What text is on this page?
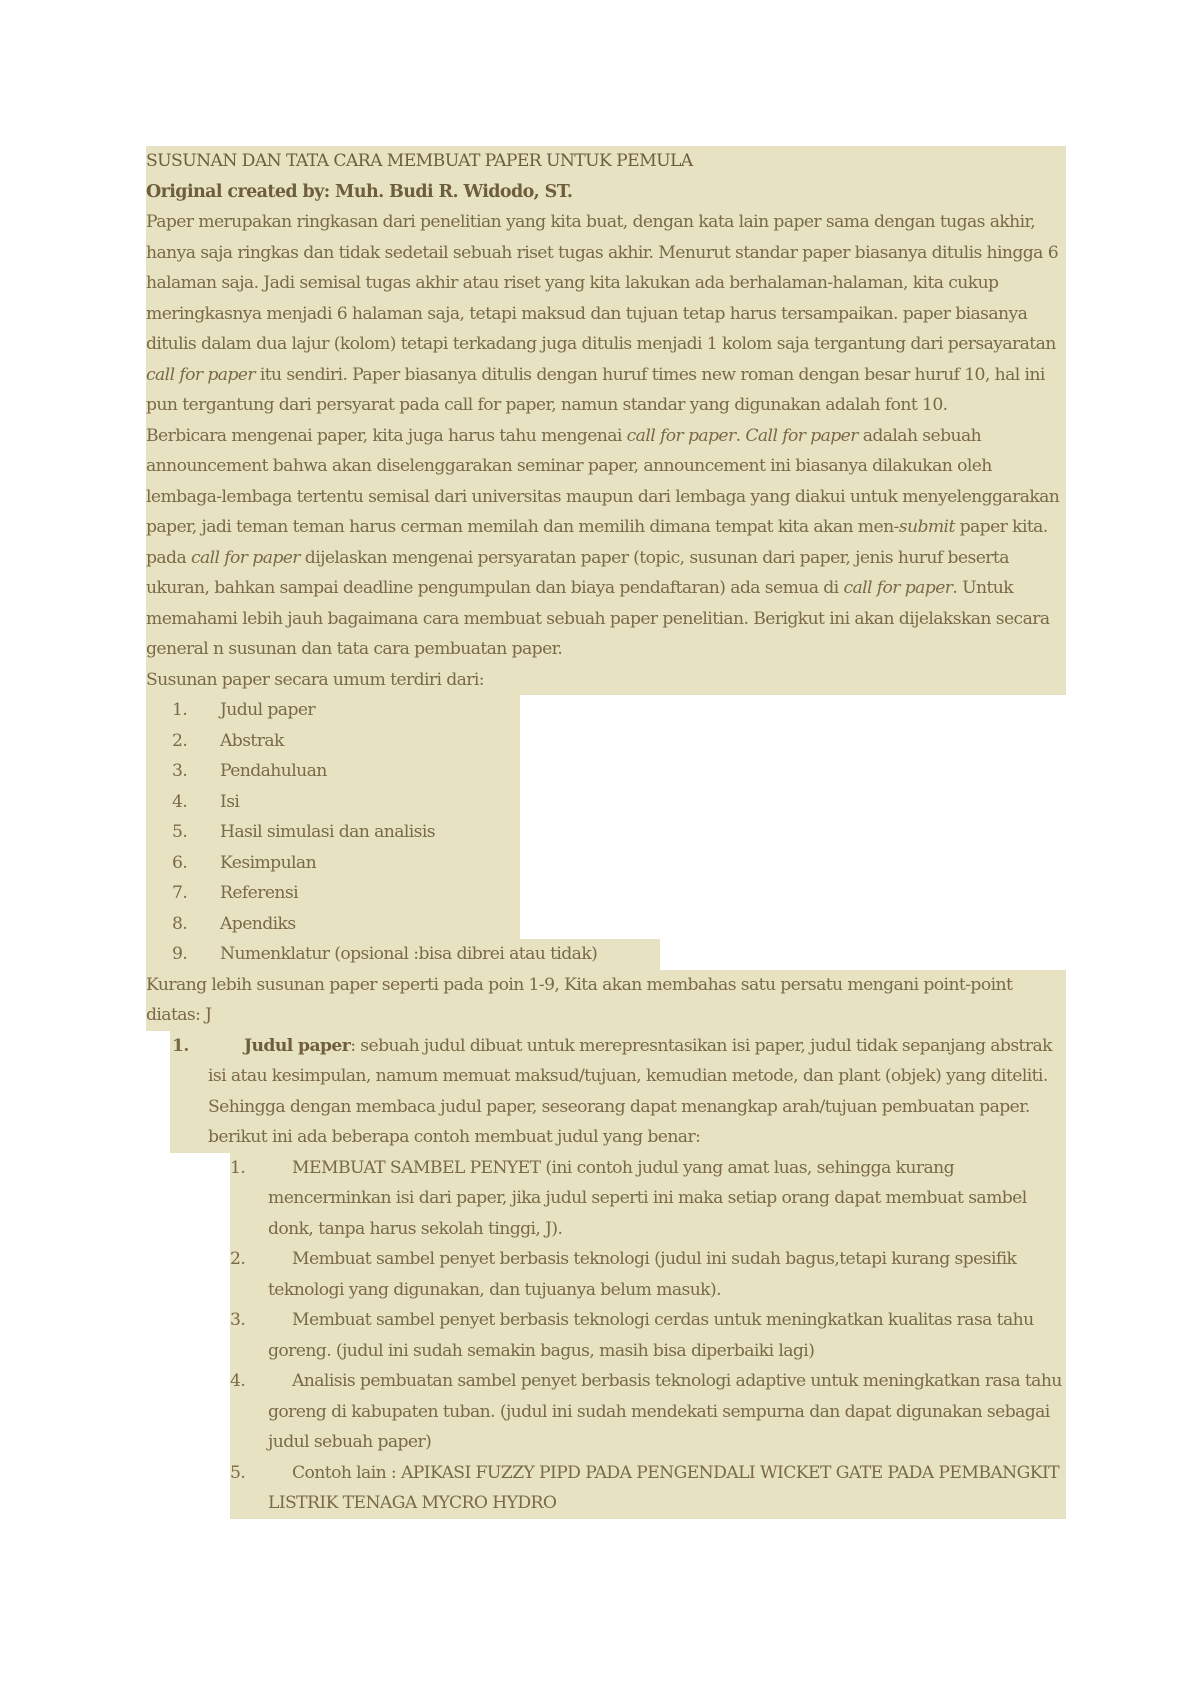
SUSUNAN DAN TATA CARA MEMBUAT PAPER UNTUK PEMULA

Original created by: Muh. Budi R. Widodo, ST.

Paper merupakan ringkasan dari penelitian yang kita buat, dengan kata lain paper sama dengan tugas akhir, hanya saja ringkas dan tidak sedetail sebuah riset tugas akhir. Menurut standar paper biasanya ditulis hingga 6 halaman saja. Jadi semisal tugas akhir atau riset yang kita lakukan ada berhalaman-halaman, kita cukup meringkasnya menjadi 6 halaman saja, tetapi maksud dan tujuan tetap harus tersampaikan. paper biasanya ditulis dalam dua lajur (kolom) tetapi terkadang juga ditulis menjadi 1 kolom saja tergantung dari persayaratan call for paper itu sendiri. Paper biasanya ditulis dengan huruf times new roman dengan besar huruf 10, hal ini pun tergantung dari persyarat pada call for paper, namun standar yang digunakan adalah font 10.

Berbicara mengenai paper, kita juga harus tahu mengenai call for paper. Call for paper adalah sebuah announcement bahwa akan diselenggarakan seminar paper, announcement ini biasanya dilakukan oleh lembaga-lembaga tertentu semisal dari universitas maupun dari lembaga yang diakui untuk menyelenggarakan paper, jadi teman teman harus cerman memilah dan memilih dimana tempat kita akan men-submit paper kita. pada call for paper dijelaskan mengenai persyaratan paper (topic, susunan dari paper, jenis huruf beserta ukuran, bahkan sampai deadline pengumpulan dan biaya pendaftaran) ada semua di call for paper. Untuk memahami lebih jauh bagaimana cara membuat sebuah paper penelitian. Berigkut ini akan dijelakskan secara general n susunan dan tata cara pembuatan paper.

Susunan paper secara umum terdiri dari:

1. Judul paper
2. Abstrak
3. Pendahuluan
4. Isi
5. Hasil simulasi dan analisis
6. Kesimpulan
7. Referensi
8. Apendiks
9. Numenklatur (opsional :bisa dibrei atau tidak)

Kurang lebih susunan paper seperti pada poin 1-9, Kita akan membahas satu persatu mengani point-point diatas: J

1.	Judul paper: sebuah judul dibuat untuk merepresntasikan isi paper, judul tidak sepanjang abstrak isi atau kesimpulan, namum memuat maksud/tujuan, kemudian metode, dan plant (objek) yang diteliti. Sehingga dengan membaca judul paper, seseorang dapat menangkap arah/tujuan pembuatan paper. berikut ini ada beberapa contoh membuat judul yang benar:

1.	MEMBUAT SAMBEL PENYET (ini contoh judul yang amat luas, sehingga kurang mencerminkan isi dari paper, jika judul seperti ini maka setiap orang dapat membuat sambel donk, tanpa harus sekolah tinggi, J).
2.	Membuat sambel penyet berbasis teknologi (judul ini sudah bagus,tetapi kurang spesifik teknologi yang digunakan, dan tujuanya belum masuk).
3.	Membuat sambel penyet berbasis teknologi cerdas untuk meningkatkan kualitas rasa tahu goreng. (judul ini sudah semakin bagus, masih bisa diperbaiki lagi)
4.	Analisis pembuatan sambel penyet berbasis teknologi adaptive untuk meningkatkan rasa tahu goreng di kabupaten tuban. (judul ini sudah mendekati sempurna dan dapat digunakan sebagai judul sebuah paper)
5.	Contoh lain : APIKASI FUZZY PIPD PADA PENGENDALI WICKET GATE PADA PEMBANGKIT LISTRIK TENAGA MYCRO HYDRO
